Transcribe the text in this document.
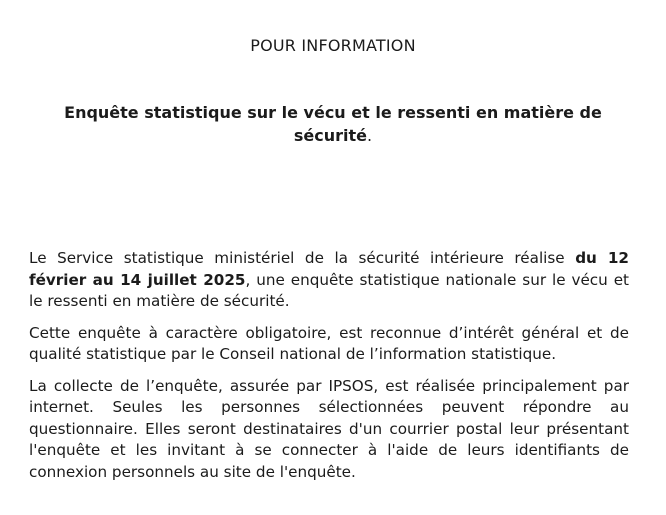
POUR INFORMATION
Enquête statistique sur le vécu et le ressenti en matière de sécurité.

Le Service statistique ministériel de la sécurité intérieure réalise du 12 février au 14 juillet 2025, une enquête statistique nationale sur le vécu et le ressenti en matière de sécurité.

Cette enquête à caractère obligatoire, est reconnue d’intérêt général et de qualité statistique par le Conseil national de l’information statistique.

La collecte de l’enquête, assurée par IPSOS, est réalisée principalement par internet. Seules les personnes sélectionnées peuvent répondre au questionnaire. Elles seront destinataires d'un courrier postal leur présentant l'enquête et les invitant à se connecter à l'aide de leurs identifiants de connexion personnels au site de l'enquête.
